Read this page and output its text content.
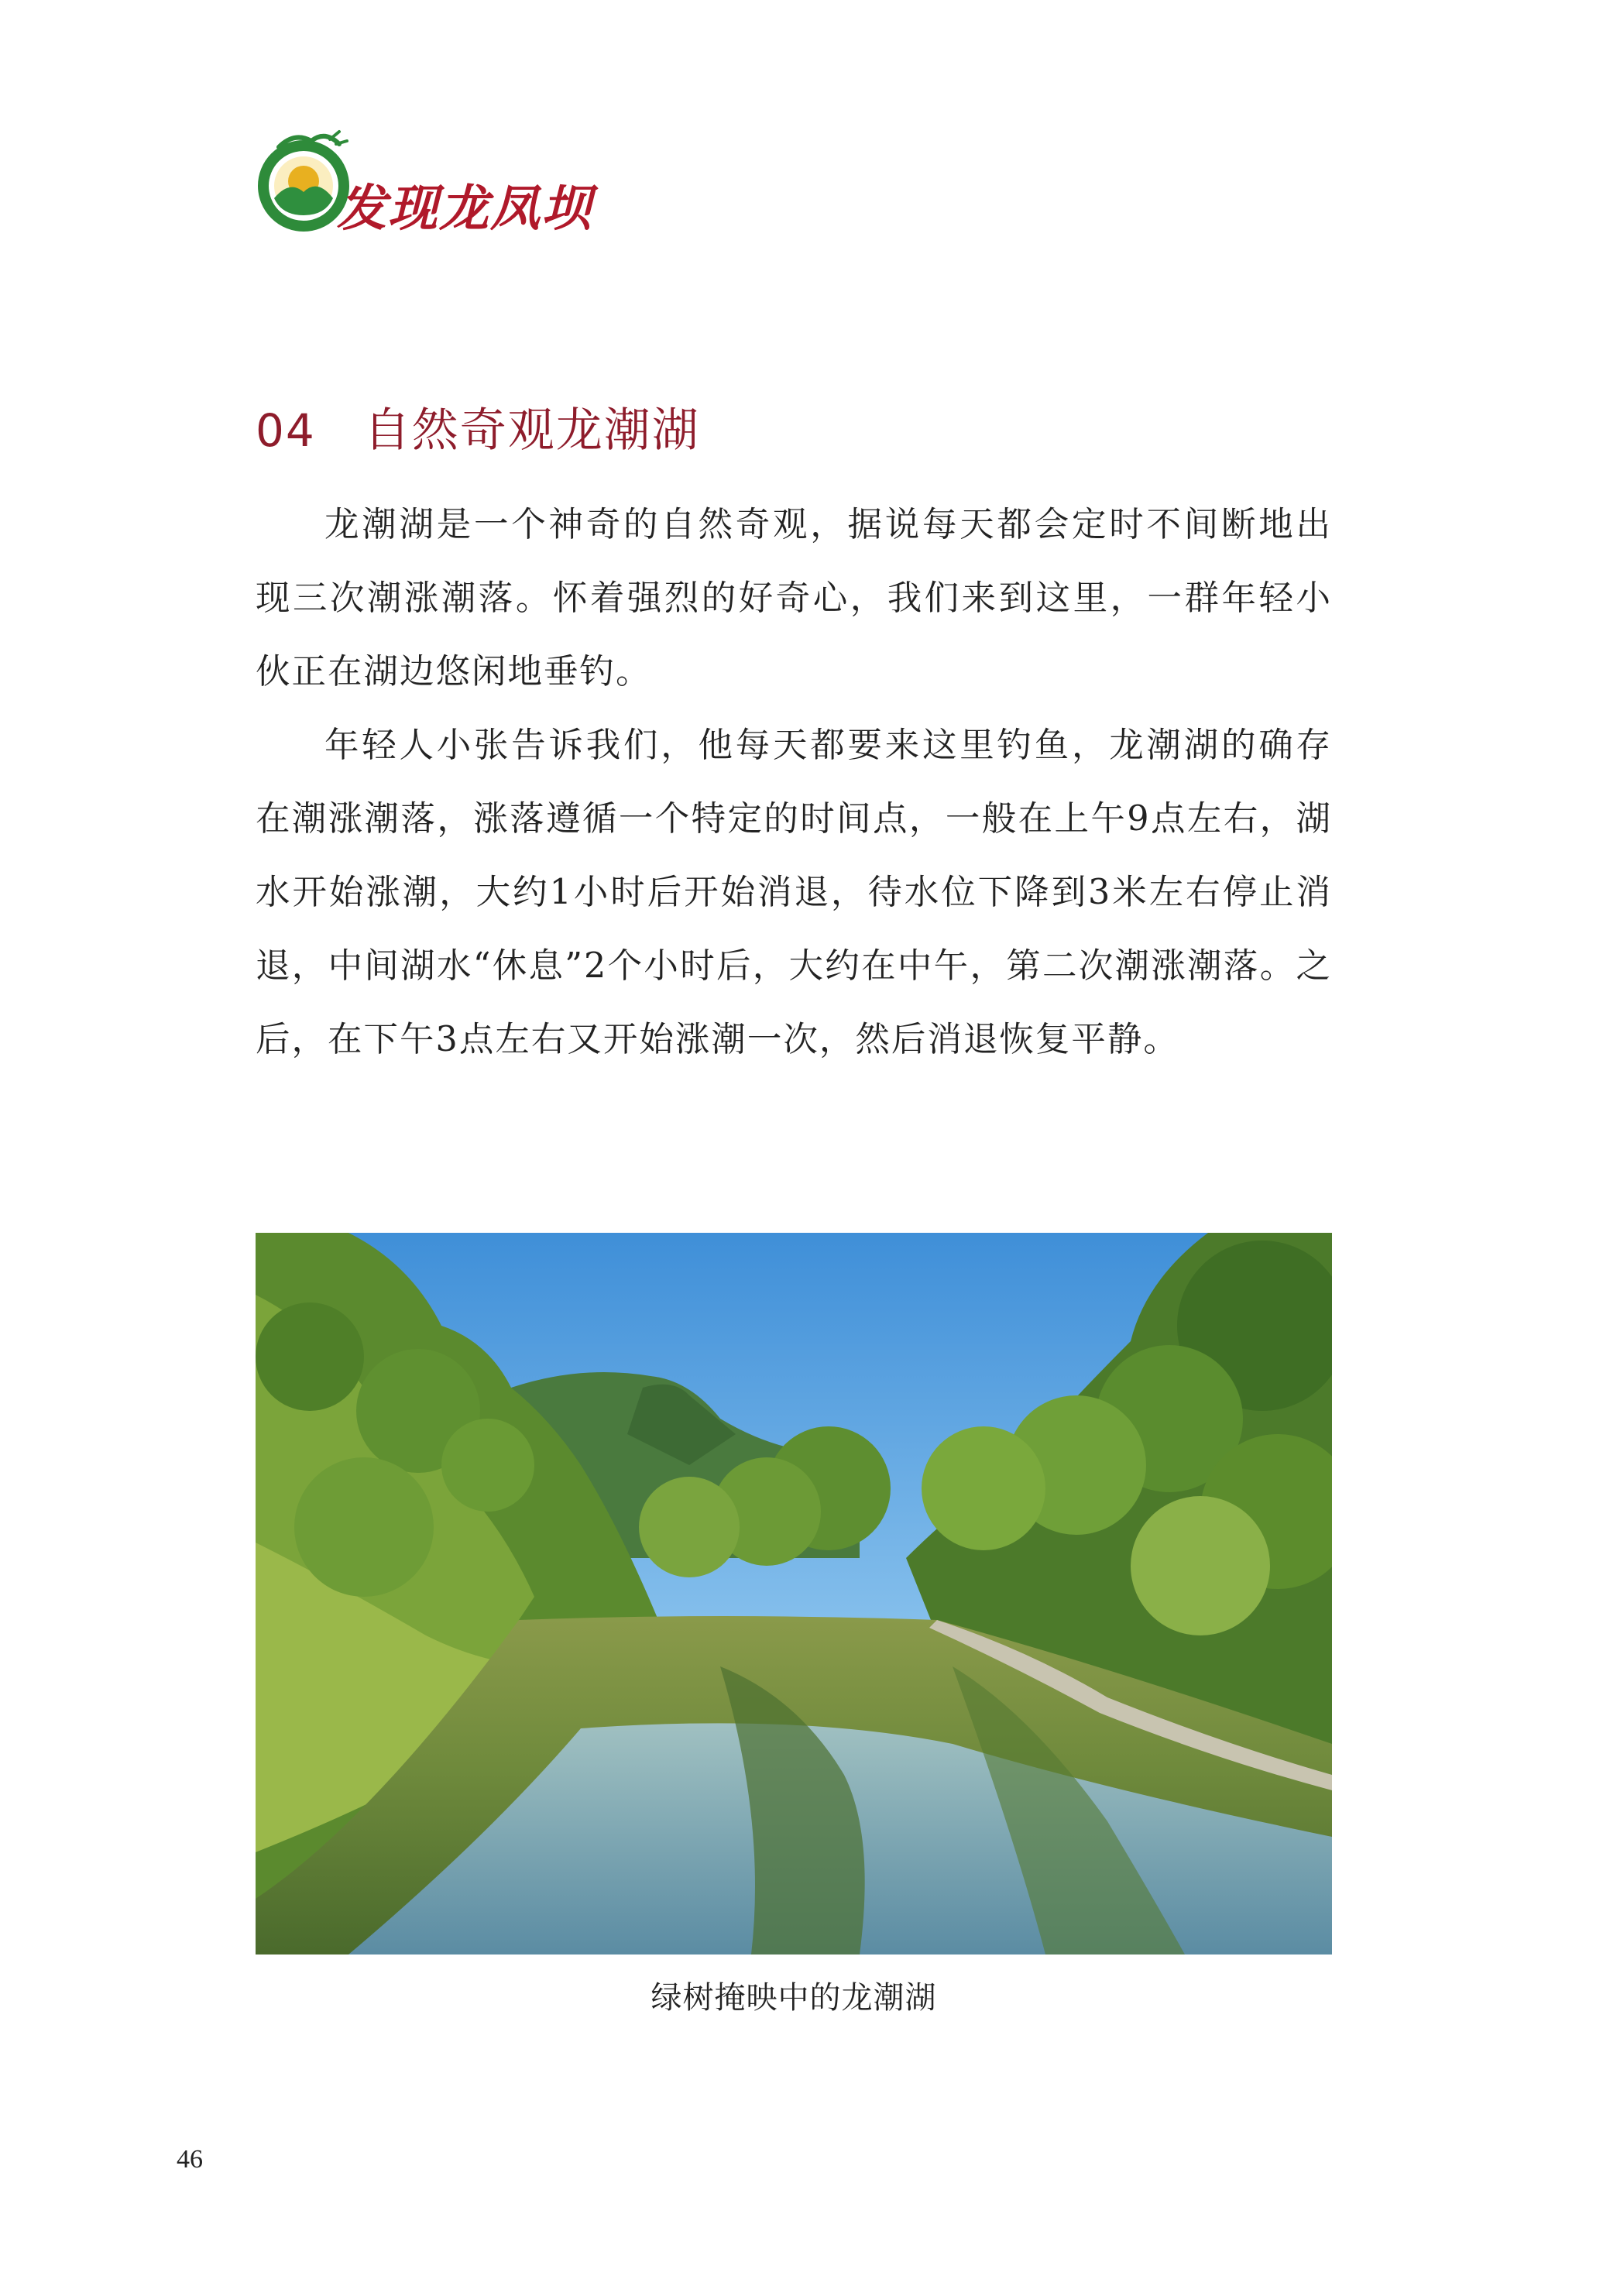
发现龙凤坝
04 自然奇观龙潮湖

龙潮湖是一个神奇的自然奇观，据说每天都会定时不间断地出现三次潮涨潮落。怀着强烈的好奇心，我们来到这里，一群年轻小伙正在湖边悠闲地垂钓。

年轻人小张告诉我们，他每天都要来这里钓鱼，龙潮湖的确存在潮涨潮落，涨落遵循一个特定的时间点，一般在上午9点左右，湖水开始涨潮，大约1小时后开始消退，待水位下降到3米左右停止消退，中间湖水“休息”2个小时后，大约在中午，第二次潮涨潮落。之后，在下午3点左右又开始涨潮一次，然后消退恢复平静。

绿树掩映中的龙潮湖
46
